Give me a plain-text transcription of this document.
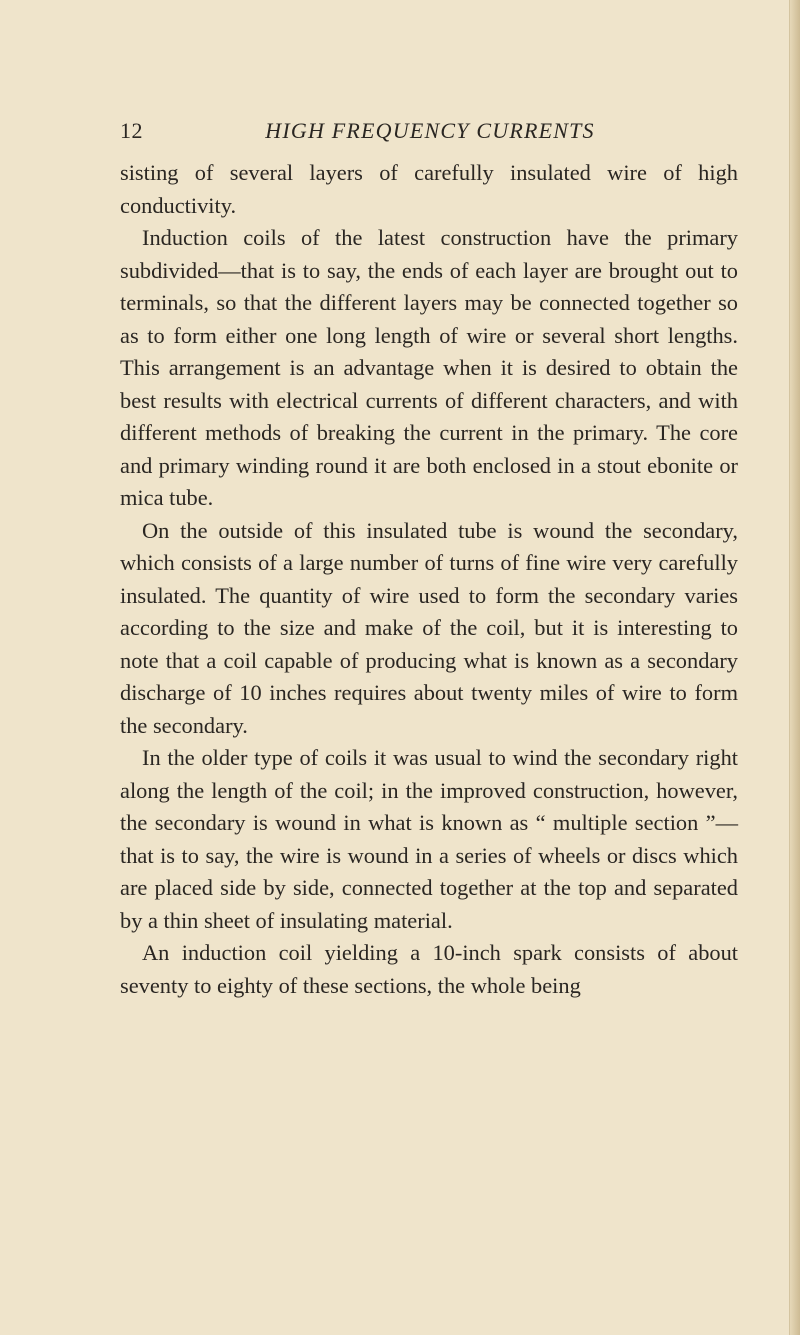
12	HIGH FREQUENCY CURRENTS

sisting of several layers of carefully insulated wire of high conductivity.

Induction coils of the latest construction have the primary subdivided—that is to say, the ends of each layer are brought out to terminals, so that the different layers may be connected together so as to form either one long length of wire or several short lengths. This arrangement is an advantage when it is desired to obtain the best results with electrical currents of different characters, and with different methods of breaking the current in the primary. The core and primary winding round it are both enclosed in a stout ebonite or mica tube.

On the outside of this insulated tube is wound the secondary, which consists of a large number of turns of fine wire very carefully insulated. The quantity of wire used to form the secondary varies according to the size and make of the coil, but it is interesting to note that a coil capable of producing what is known as a secondary discharge of 10 inches requires about twenty miles of wire to form the secondary.

In the older type of coils it was usual to wind the secondary right along the length of the coil; in the improved construction, however, the secondary is wound in what is known as “ multiple section ”—that is to say, the wire is wound in a series of wheels or discs which are placed side by side, connected together at the top and separated by a thin sheet of insulating material.

An induction coil yielding a 10-inch spark consists of about seventy to eighty of these sections, the whole being
